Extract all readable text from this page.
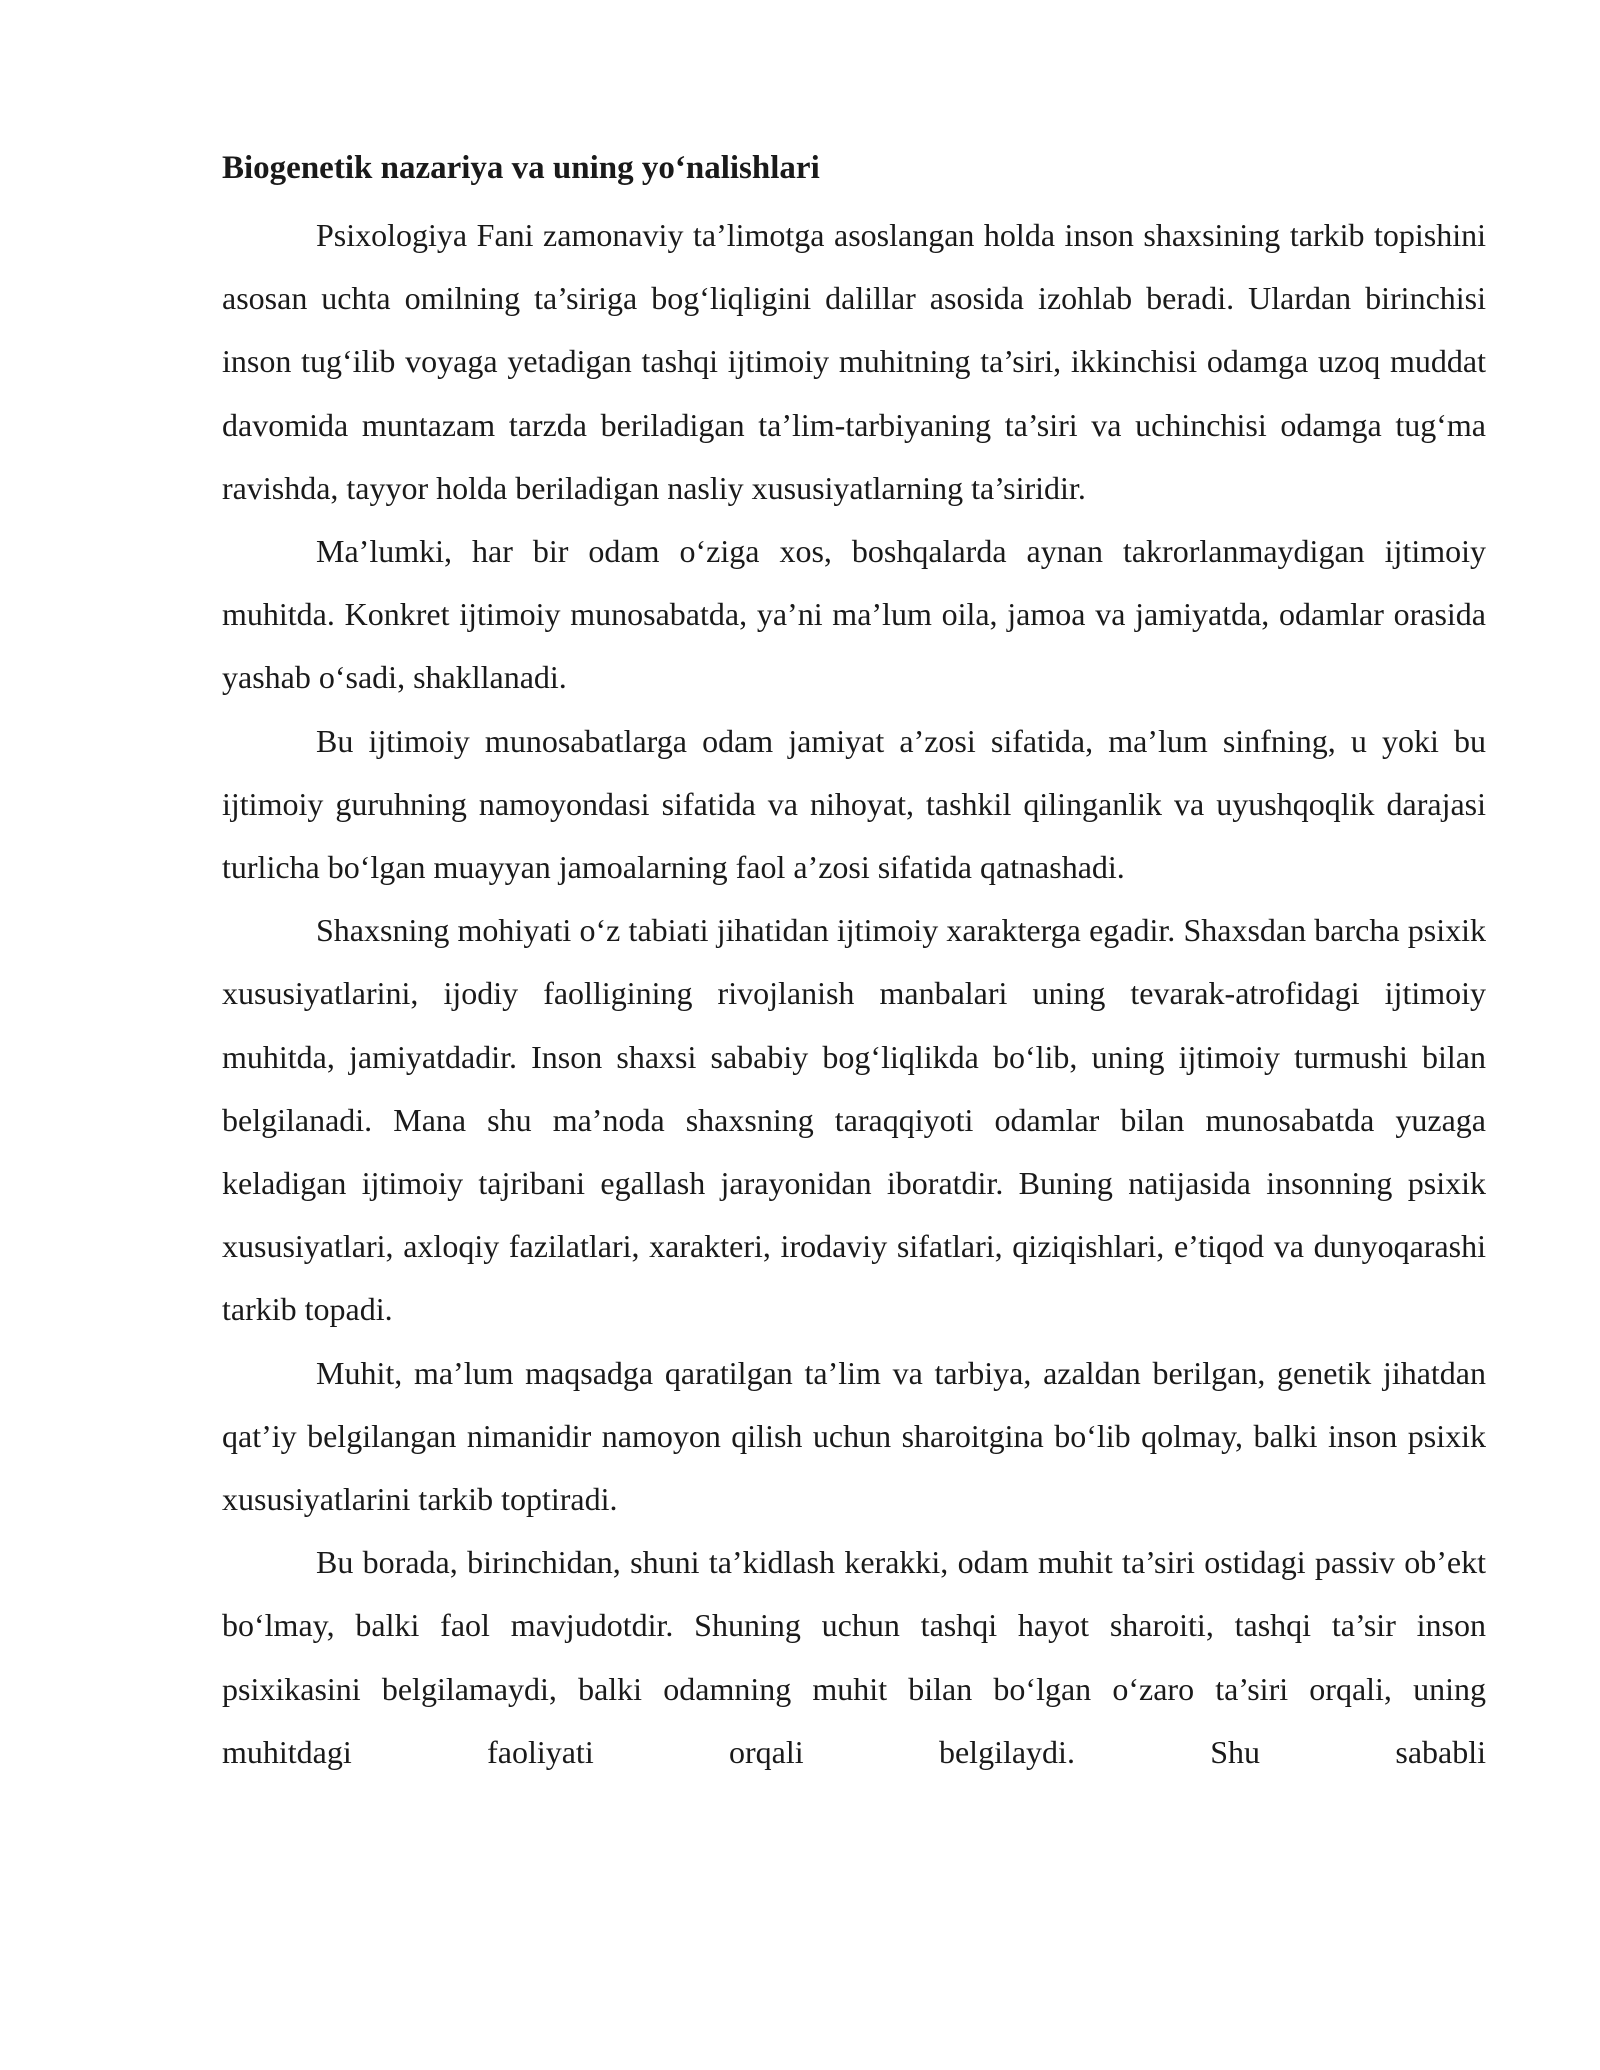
Biogenetik nazariya va uning yo‘nalishlari

Psixologiya Fani zamonaviy ta’limotga asoslangan holda inson shaxsining tarkib topishini asosan uchta omilning ta’siriga bog‘liqligini dalillar asosida izohlab beradi. Ulardan birinchisi inson tug‘ilib voyaga yetadigan tashqi ijtimoiy muhitning ta’siri, ikkinchisi odamga uzoq muddat davomida muntazam tarzda beriladigan ta’lim-tarbiyaning ta’siri va uchinchisi odamga tug‘ma ravishda, tayyor holda beriladigan nasliy xususiyatlarning ta’siridir.

Ma’lumki, har bir odam o‘ziga xos, boshqalarda aynan takrorlanmaydigan ijtimoiy muhitda. Konkret ijtimoiy munosabatda, ya’ni ma’lum oila, jamoa va jamiyatda, odamlar orasida yashab o‘sadi, shakllanadi.

Bu ijtimoiy munosabatlarga odam jamiyat a’zosi sifatida, ma’lum sinfning, u yoki bu ijtimoiy guruhning namoyondasi sifatida va nihoyat, tashkil qilinganlik va uyushqoqlik darajasi turlicha bo‘lgan muayyan jamoalarning faol a’zosi sifatida qatnashadi.

Shaxsning mohiyati o‘z tabiati jihatidan ijtimoiy xarakterga egadir. Shaxsdan barcha psixik xususiyatlarini, ijodiy faolligining rivojlanish manbalari uning tevarak-atrofidagi ijtimoiy muhitda, jamiyatdadir. Inson shaxsi sababiy bog‘liqlikda bo‘lib, uning ijtimoiy turmushi bilan belgilanadi. Mana shu ma’noda shaxsning taraqqiyoti odamlar bilan munosabatda yuzaga keladigan ijtimoiy tajribani egallash jarayonidan iboratdir. Buning natijasida insonning psixik xususiyatlari, axloqiy fazilatlari, xarakteri, irodaviy sifatlari, qiziqishlari, e’tiqod va dunyoqarashi tarkib topadi.

Muhit, ma’lum maqsadga qaratilgan ta’lim va tarbiya, azaldan berilgan, genetik jihatdan qat’iy belgilangan nimanidir namoyon qilish uchun sharoitgina bo‘lib qolmay, balki inson psixik xususiyatlarini tarkib toptiradi.

Bu borada, birinchidan, shuni ta’kidlash kerakki, odam muhit ta’siri ostidagi passiv ob’ekt bo‘lmay, balki faol mavjudotdir. Shuning uchun tashqi hayot sharoiti, tashqi ta’sir inson psixikasini belgilamaydi, balki odamning muhit bilan bo‘lgan o‘zaro ta’siri orqali, uning muhitdagi faoliyati orqali belgilaydi. Shu sababli
